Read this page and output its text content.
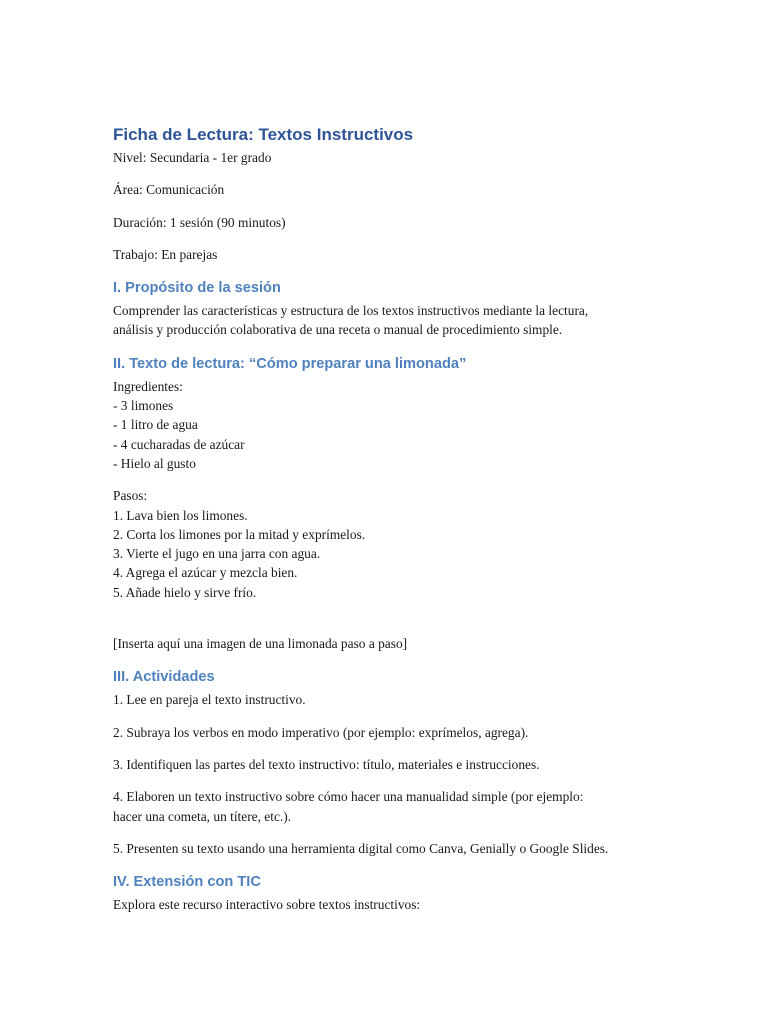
Ficha de Lectura: Textos Instructivos

Nivel: Secundaria - 1er grado

Área: Comunicación

Duración: 1 sesión (90 minutos)

Trabajo: En parejas

I. Propósito de la sesión

Comprender las características y estructura de los textos instructivos mediante la lectura,

análisis y producción colaborativa de una receta o manual de procedimiento simple.

II. Texto de lectura: “Cómo preparar una limonada”

Ingredientes:

- 3 limones

- 1 litro de agua

- 4 cucharadas de azúcar

- Hielo al gusto

Pasos:

1. Lava bien los limones.

2. Corta los limones por la mitad y exprímelos.

3. Vierte el jugo en una jarra con agua.

4. Agrega el azúcar y mezcla bien.

5. Añade hielo y sirve frío.

[Inserta aquí una imagen de una limonada paso a paso]

III. Actividades

1. Lee en pareja el texto instructivo.

2. Subraya los verbos en modo imperativo (por ejemplo: exprímelos, agrega).

3. Identifiquen las partes del texto instructivo: título, materiales e instrucciones.

4. Elaboren un texto instructivo sobre cómo hacer una manualidad simple (por ejemplo:

hacer una cometa, un títere, etc.).

5. Presenten su texto usando una herramienta digital como Canva, Genially o Google Slides.

IV. Extensión con TIC

Explora este recurso interactivo sobre textos instructivos:
